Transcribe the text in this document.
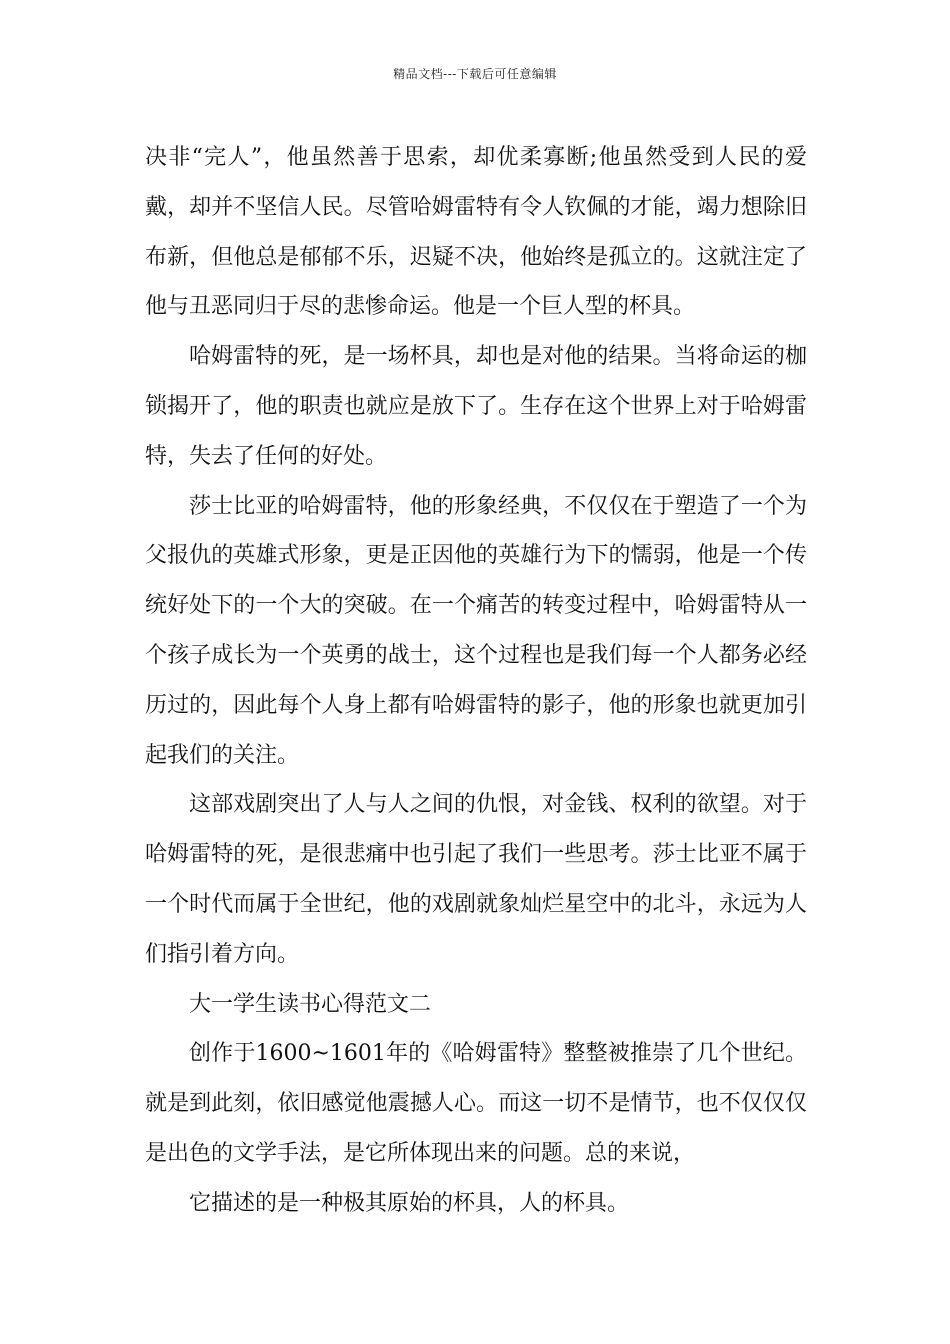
精品文档---下载后可任意编辑

决非“完人”，他虽然善于思索，却优柔寡断;他虽然受到人民的爱戴，却并不坚信人民。尽管哈姆雷特有令人钦佩的才能，竭力想除旧布新，但他总是郁郁不乐，迟疑不决，他始终是孤立的。这就注定了他与丑恶同归于尽的悲惨命运。他是一个巨人型的杯具。

哈姆雷特的死，是一场杯具，却也是对他的结果。当将命运的枷锁揭开了，他的职责也就应是放下了。生存在这个世界上对于哈姆雷特，失去了任何的好处。

莎士比亚的哈姆雷特，他的形象经典，不仅仅在于塑造了一个为父报仇的英雄式形象，更是正因他的英雄行为下的懦弱，他是一个传统好处下的一个大的突破。在一个痛苦的转变过程中，哈姆雷特从一个孩子成长为一个英勇的战士，这个过程也是我们每一个人都务必经历过的，因此每个人身上都有哈姆雷特的影子，他的形象也就更加引起我们的关注。

这部戏剧突出了人与人之间的仇恨，对金钱、权利的欲望。对于哈姆雷特的死，是很悲痛中也引起了我们一些思考。莎士比亚不属于一个时代而属于全世纪，他的戏剧就象灿烂星空中的北斗，永远为人们指引着方向。

大一学生读书心得范文二

创作于1600~1601年的《哈姆雷特》整整被推崇了几个世纪。就是到此刻，依旧感觉他震撼人心。而这一切不是情节，也不仅仅仅是出色的文学手法，是它所体现出来的问题。总的来说，

它描述的是一种极其原始的杯具，人的杯具。
